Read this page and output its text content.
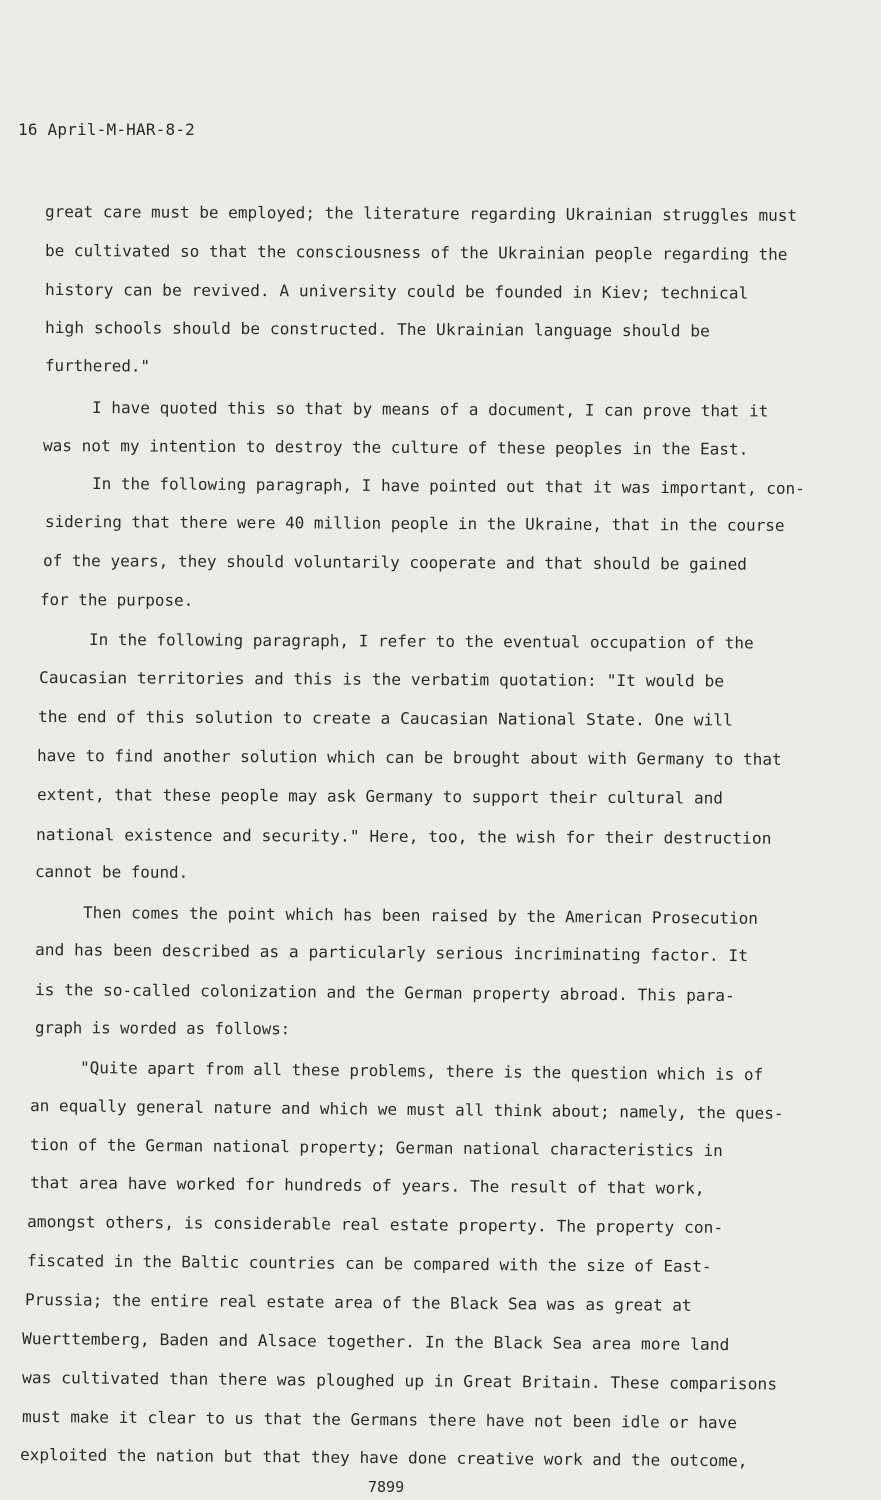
16 April-M-HAR-8-2
great care must be employed; the literature regarding Ukrainian struggles must
be cultivated so that the consciousness of the Ukrainian people regarding the
history can be revived. A university could be founded in Kiev; technical
high schools should be constructed. The Ukrainian language should be
furthered."
I have quoted this so that by means of a document, I can prove that it
was not my intention to destroy the culture of these peoples in the East.
In the following paragraph, I have pointed out that it was important, con-
sidering that there were 40 million people in the Ukraine, that in the course
of the years, they should voluntarily cooperate and that should be gained
for the purpose.
In the following paragraph, I refer to the eventual occupation of the
Caucasian territories and this is the verbatim quotation: "It would be
the end of this solution to create a Caucasian National State. One will
have to find another solution which can be brought about with Germany to that
extent, that these people may ask Germany to support their cultural and
national existence and security." Here, too, the wish for their destruction
cannot be found.
Then comes the point which has been raised by the American Prosecution
and has been described as a particularly serious incriminating factor. It
is the so-called colonization and the German property abroad. This para-
graph is worded as follows:
"Quite apart from all these problems, there is the question which is of
an equally general nature and which we must all think about; namely, the ques-
tion of the German national property; German national characteristics in
that area have worked for hundreds of years. The result of that work,
amongst others, is considerable real estate property. The property con-
fiscated in the Baltic countries can be compared with the size of East-
Prussia; the entire real estate area of the Black Sea was as great at
Wuerttemberg, Baden and Alsace together. In the Black Sea area more land
was cultivated than there was ploughed up in Great Britain. These comparisons
must make it clear to us that the Germans there have not been idle or have
exploited the nation but that they have done creative work and the outcome,
7899
